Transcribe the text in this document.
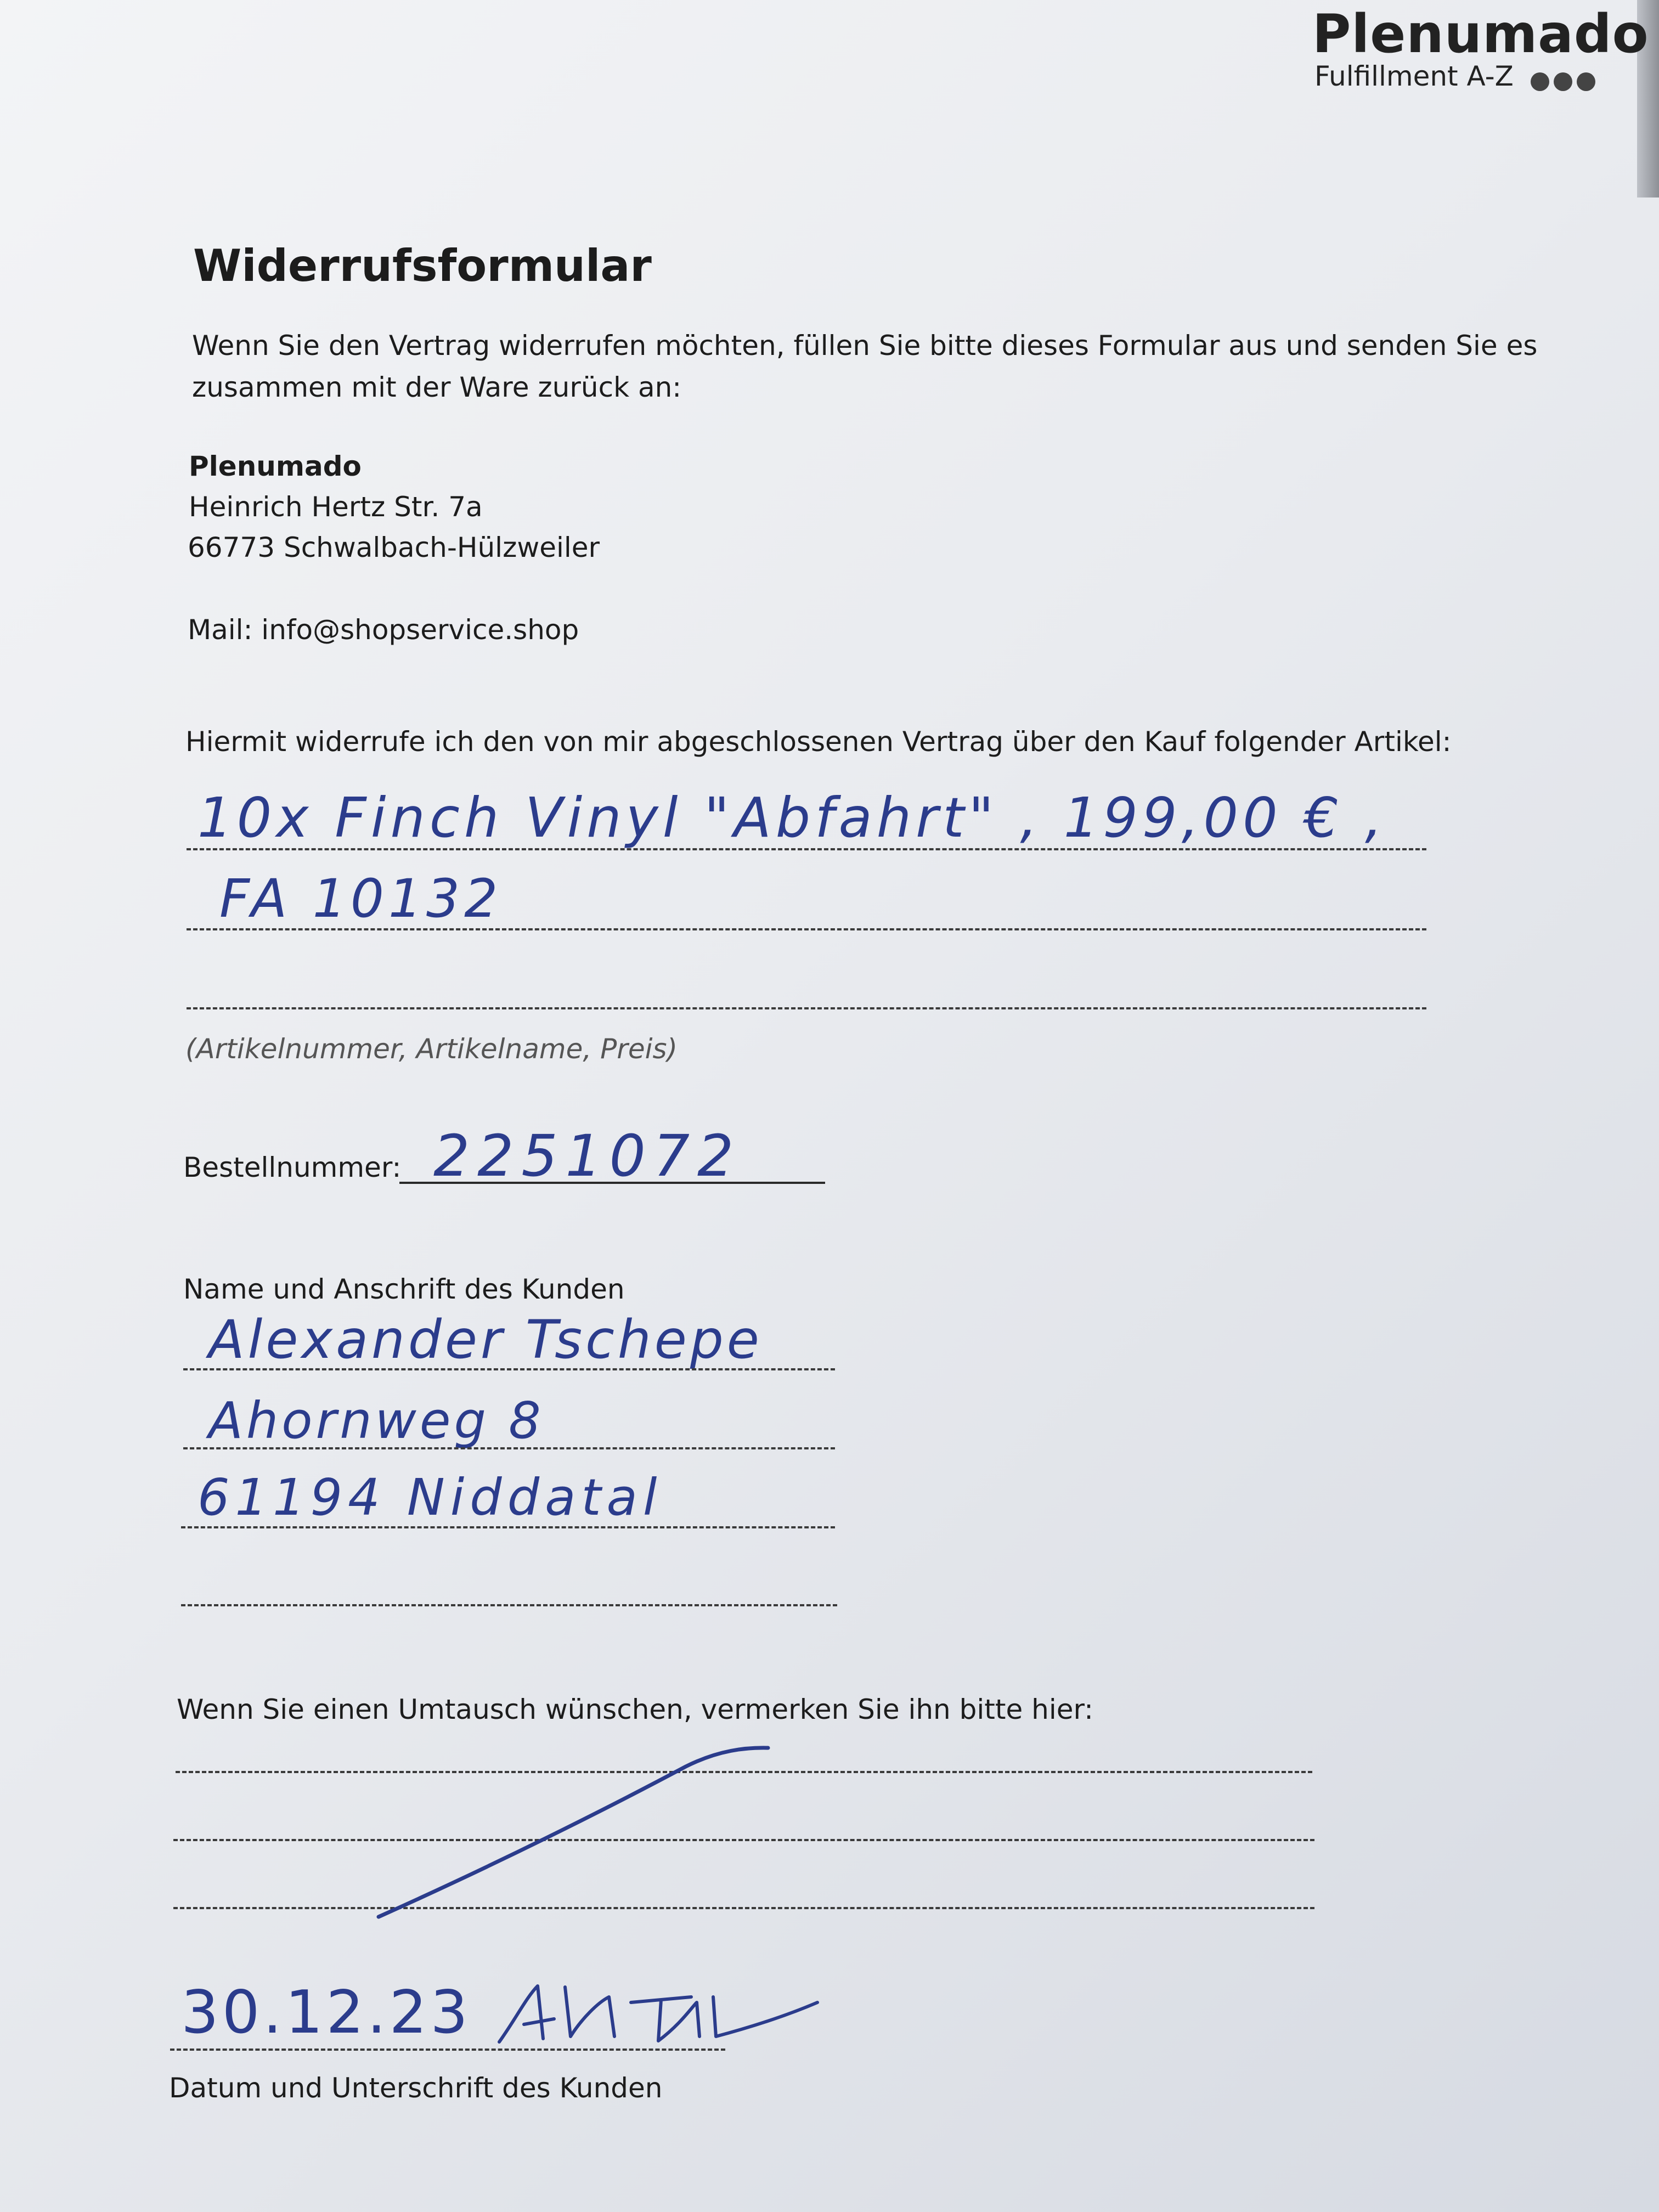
Plenumado
Fulfillment A-Z
Widerrufsformular
Wenn Sie den Vertrag widerrufen möchten, füllen Sie bitte dieses Formular aus und senden Sie es
zusammen mit der Ware zurück an:
Plenumado
Heinrich Hertz Str. 7a
66773 Schwalbach-Hülzweiler
Mail: info@shopservice.shop
Hiermit widerrufe ich den von mir abgeschlossenen Vertrag über den Kauf folgender Artikel:
10x Finch Vinyl "Abfahrt" , 199,00 € ,
FA 10132
(Artikelnummer, Artikelname, Preis)
Bestellnummer: 2251072
Name und Anschrift des Kunden
Alexander Tschepe
Ahornweg 8
61194 Niddatal
Wenn Sie einen Umtausch wünschen, vermerken Sie ihn bitte hier:
30.12.23
Datum und Unterschrift des Kunden
